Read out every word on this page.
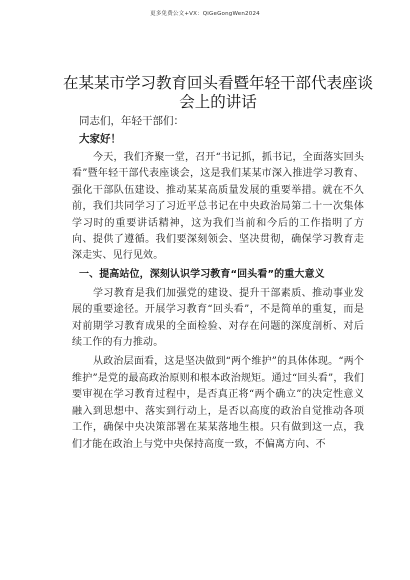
更多免费公文+VX：QiGeGongWen2024
在某某市学习教育回头看暨年轻干部代表座谈会上的讲话
同志们，年轻干部们：
大家好！
今天，我们齐聚一堂，召开“书记抓，抓书记，全面落实回头看”暨年轻干部代表座谈会，这是我们某某市深入推进学习教育、强化干部队伍建设、推动某某高质量发展的重要举措。就在不久前，我们共同学习了习近平总书记在中央政治局第二十一次集体学习时的重要讲话精神，这为我们当前和今后的工作指明了方向、提供了遵循。我们要深刻领会、坚决贯彻，确保学习教育走深走实、见行见效。
一、提高站位，深刻认识学习教育“回头看”的重大意义
学习教育是我们加强党的建设、提升干部素质、推动事业发展的重要途径。开展学习教育“回头看”，不是简单的重复，而是对前期学习教育成果的全面检验、对存在问题的深度剖析、对后续工作的有力推动。
从政治层面看，这是坚决做到“两个维护”的具体体现。“两个维护”是党的最高政治原则和根本政治规矩。通过“回头看”，我们要审视在学习教育过程中，是否真正将“两个确立”的决定性意义融入到思想中、落实到行动上，是否以高度的政治自觉推动各项工作，确保中央决策部署在某某落地生根。只有做到这一点，我们才能在政治上与党中央保持高度一致，不偏离方向、不
